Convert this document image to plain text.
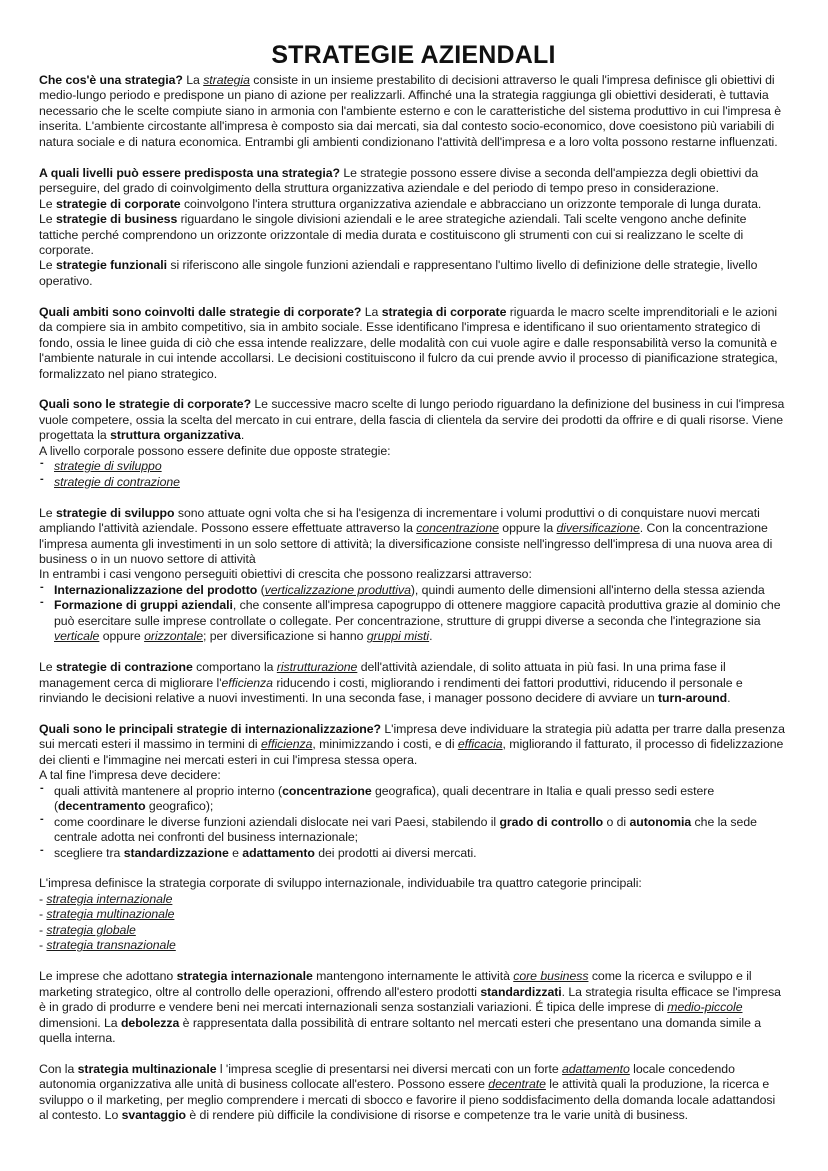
STRATEGIE AZIENDALI

Che cos'è una strategia? La strategia consiste in un insieme prestabilito di decisioni attraverso le quali l'impresa definisce gli obiettivi di medio-lungo periodo e predispone un piano di azione per realizzarli. Affinché una la strategia raggiunga gli obiettivi desiderati, è tuttavia necessario che le scelte compiute siano in armonia con l'ambiente esterno e con le caratteristiche del sistema produttivo in cui l'impresa è inserita. L'ambiente circostante all'impresa è composto sia dai mercati, sia dal contesto socio-economico, dove coesistono più variabili di natura sociale e di natura economica. Entrambi gli ambienti condizionano l'attività dell'impresa e a loro volta possono restarne influenzati.

A quali livelli può essere predisposta una strategia? Le strategie possono essere divise a seconda dell'ampiezza degli obiettivi da perseguire, del grado di coinvolgimento della struttura organizzativa aziendale e del periodo di tempo preso in considerazione.

Le strategie di corporate coinvolgono l'intera struttura organizzativa aziendale e abbracciano un orizzonte temporale di lunga durata.

Le strategie di business riguardano le singole divisioni aziendali e le aree strategiche aziendali. Tali scelte vengono anche definite tattiche perché comprendono un orizzonte orizzontale di media durata e costituiscono gli strumenti con cui si realizzano le scelte di corporate.

Le strategie funzionali si riferiscono alle singole funzioni aziendali e rappresentano l'ultimo livello di definizione delle strategie, livello operativo.

Quali ambiti sono coinvolti dalle strategie di corporate? La strategia di corporate riguarda le macro scelte imprenditoriali e le azioni da compiere sia in ambito competitivo, sia in ambito sociale. Esse identificano l'impresa e identificano il suo orientamento strategico di fondo, ossia le linee guida di ciò che essa intende realizzare, delle modalità con cui vuole agire e dalle responsabilità verso la comunità e l'ambiente naturale in cui intende accollarsi. Le decisioni costituiscono il fulcro da cui prende avvio il processo di pianificazione strategica, formalizzato nel piano strategico.

Quali sono le strategie di corporate? Le successive macro scelte di lungo periodo riguardano la definizione del business in cui l'impresa vuole competere, ossia la scelta del mercato in cui entrare, della fascia di clientela da servire dei prodotti da offrire e di quali risorse. Viene progettata la struttura organizzativa.

A livello corporale possono essere definite due opposte strategie:

- strategie di sviluppo
- strategie di contrazione

Le strategie di sviluppo sono attuate ogni volta che si ha l'esigenza di incrementare i volumi produttivi o di conquistare nuovi mercati ampliando l'attività aziendale. Possono essere effettuate attraverso la concentrazione oppure la diversificazione. Con la concentrazione l'impresa aumenta gli investimenti in un solo settore di attività; la diversificazione consiste nell'ingresso dell'impresa di una nuova area di business o in un nuovo settore di attività

In entrambi i casi vengono perseguiti obiettivi di crescita che possono realizzarsi attraverso:

- Internazionalizzazione del prodotto (verticalizzazione produttiva), quindi aumento delle dimensioni all'interno della stessa azienda
- Formazione di gruppi aziendali, che consente all'impresa capogruppo di ottenere maggiore capacità produttiva grazie al dominio che può esercitare sulle imprese controllate o collegate. Per concentrazione, strutture di gruppi diverse a seconda che l'integrazione sia verticale oppure orizzontale; per diversificazione si hanno gruppi misti.

Le strategie di contrazione comportano la ristrutturazione dell'attività aziendale, di solito attuata in più fasi. In una prima fase il management cerca di migliorare l'efficienza riducendo i costi, migliorando i rendimenti dei fattori produttivi, riducendo il personale e rinviando le decisioni relative a nuovi investimenti. In una seconda fase, i manager possono decidere di avviare un turn-around.

Quali sono le principali strategie di internazionalizzazione? L'impresa deve individuare la strategia più adatta per trarre dalla presenza sui mercati esteri il massimo in termini di efficienza, minimizzando i costi, e di efficacia, migliorando il fatturato, il processo di fidelizzazione dei clienti e l'immagine nei mercati esteri in cui l'impresa stessa opera.

A tal fine l'impresa deve decidere:

- quali attività mantenere al proprio interno (concentrazione geografica), quali decentrare in Italia e quali presso sedi estere (decentramento geografico);
- come coordinare le diverse funzioni aziendali dislocate nei vari Paesi, stabilendo il grado di controllo o di autonomia che la sede centrale adotta nei confronti del business internazionale;
- scegliere tra standardizzazione e adattamento dei prodotti ai diversi mercati.

L'impresa definisce la strategia corporate di sviluppo internazionale, individuabile tra quattro categorie principali:

- strategia internazionale
- strategia multinazionale
- strategia globale
- strategia transnazionale

Le imprese che adottano strategia internazionale mantengono internamente le attività core business come la ricerca e sviluppo e il marketing strategico, oltre al controllo delle operazioni, offrendo all'estero prodotti standardizzati. La strategia risulta efficace se l'impresa è in grado di produrre e vendere beni nei mercati internazionali senza sostanziali variazioni. É tipica delle imprese di medio-piccole dimensioni. La debolezza è rappresentata dalla possibilità di entrare soltanto nel mercati esteri che presentano una domanda simile a quella interna.

Con la strategia multinazionale l 'impresa sceglie di presentarsi nei diversi mercati con un forte adattamento locale concedendo autonomia organizzativa alle unità di business collocate all'estero. Possono essere decentrate le attività quali la produzione, la ricerca e sviluppo o il marketing, per meglio comprendere i mercati di sbocco e favorire il pieno soddisfacimento della domanda locale adattandosi al contesto. Lo svantaggio è di rendere più difficile la condivisione di risorse e competenze tra le varie unità di business.
